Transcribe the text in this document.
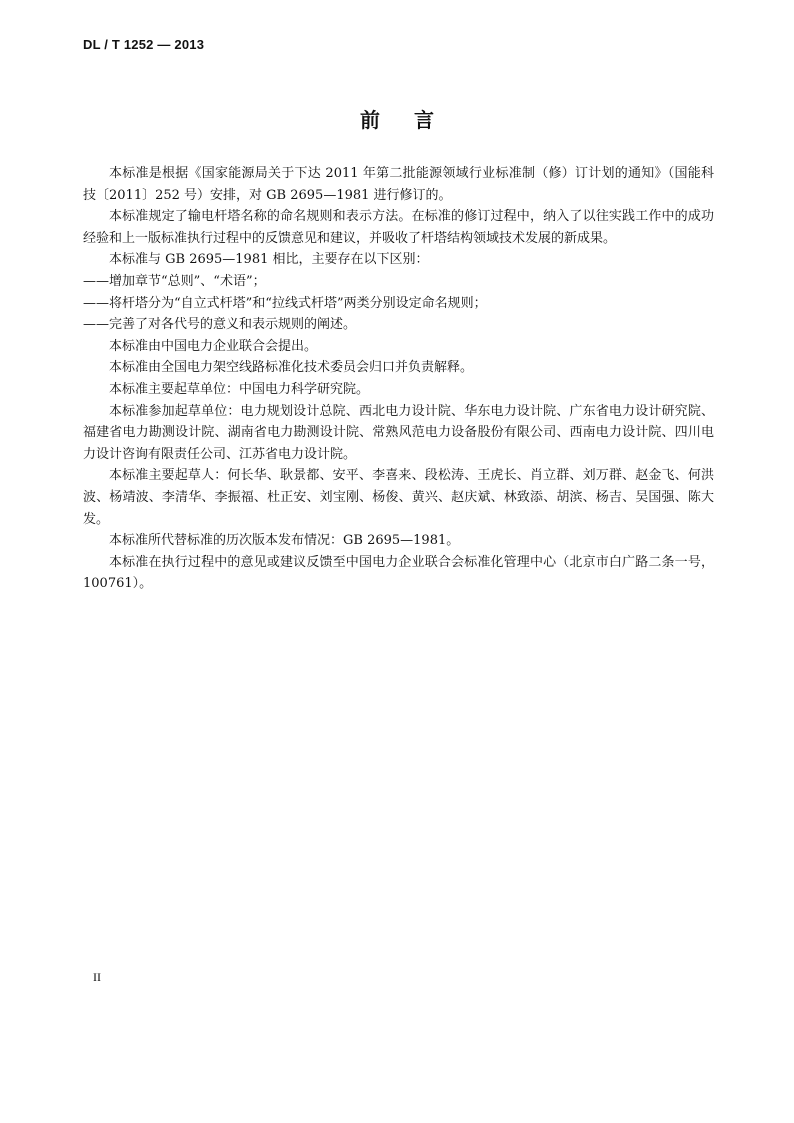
DL / T 1252 — 2013
前言

本标准是根据《国家能源局关于下达 2011 年第二批能源领域行业标准制（修）订计划的通知》（国能科技〔2011〕252 号）安排，对 GB 2695—1981 进行修订的。

本标准规定了输电杆塔名称的命名规则和表示方法。在标准的修订过程中，纳入了以往实践工作中的成功经验和上一版标准执行过程中的反馈意见和建议，并吸收了杆塔结构领域技术发展的新成果。

本标准与 GB 2695—1981 相比，主要存在以下区别：

——增加章节“总则”、“术语”；

——将杆塔分为“自立式杆塔”和“拉线式杆塔”两类分别设定命名规则；

——完善了对各代号的意义和表示规则的阐述。

本标准由中国电力企业联合会提出。

本标准由全国电力架空线路标准化技术委员会归口并负责解释。

本标准主要起草单位：中国电力科学研究院。

本标准参加起草单位：电力规划设计总院、西北电力设计院、华东电力设计院、广东省电力设计研究院、福建省电力勘测设计院、湖南省电力勘测设计院、常熟风范电力设备股份有限公司、西南电力设计院、四川电力设计咨询有限责任公司、江苏省电力设计院。

本标准主要起草人：何长华、耿景都、安平、李喜来、段松涛、王虎长、肖立群、刘万群、赵金飞、何洪波、杨靖波、李清华、李振福、杜正安、刘宝刚、杨俊、黄兴、赵庆斌、林致添、胡滨、杨吉、吴国强、陈大发。

本标准所代替标准的历次版本发布情况：GB 2695—1981。

本标准在执行过程中的意见或建议反馈至中国电力企业联合会标准化管理中心（北京市白广路二条一号，100761）。

II
